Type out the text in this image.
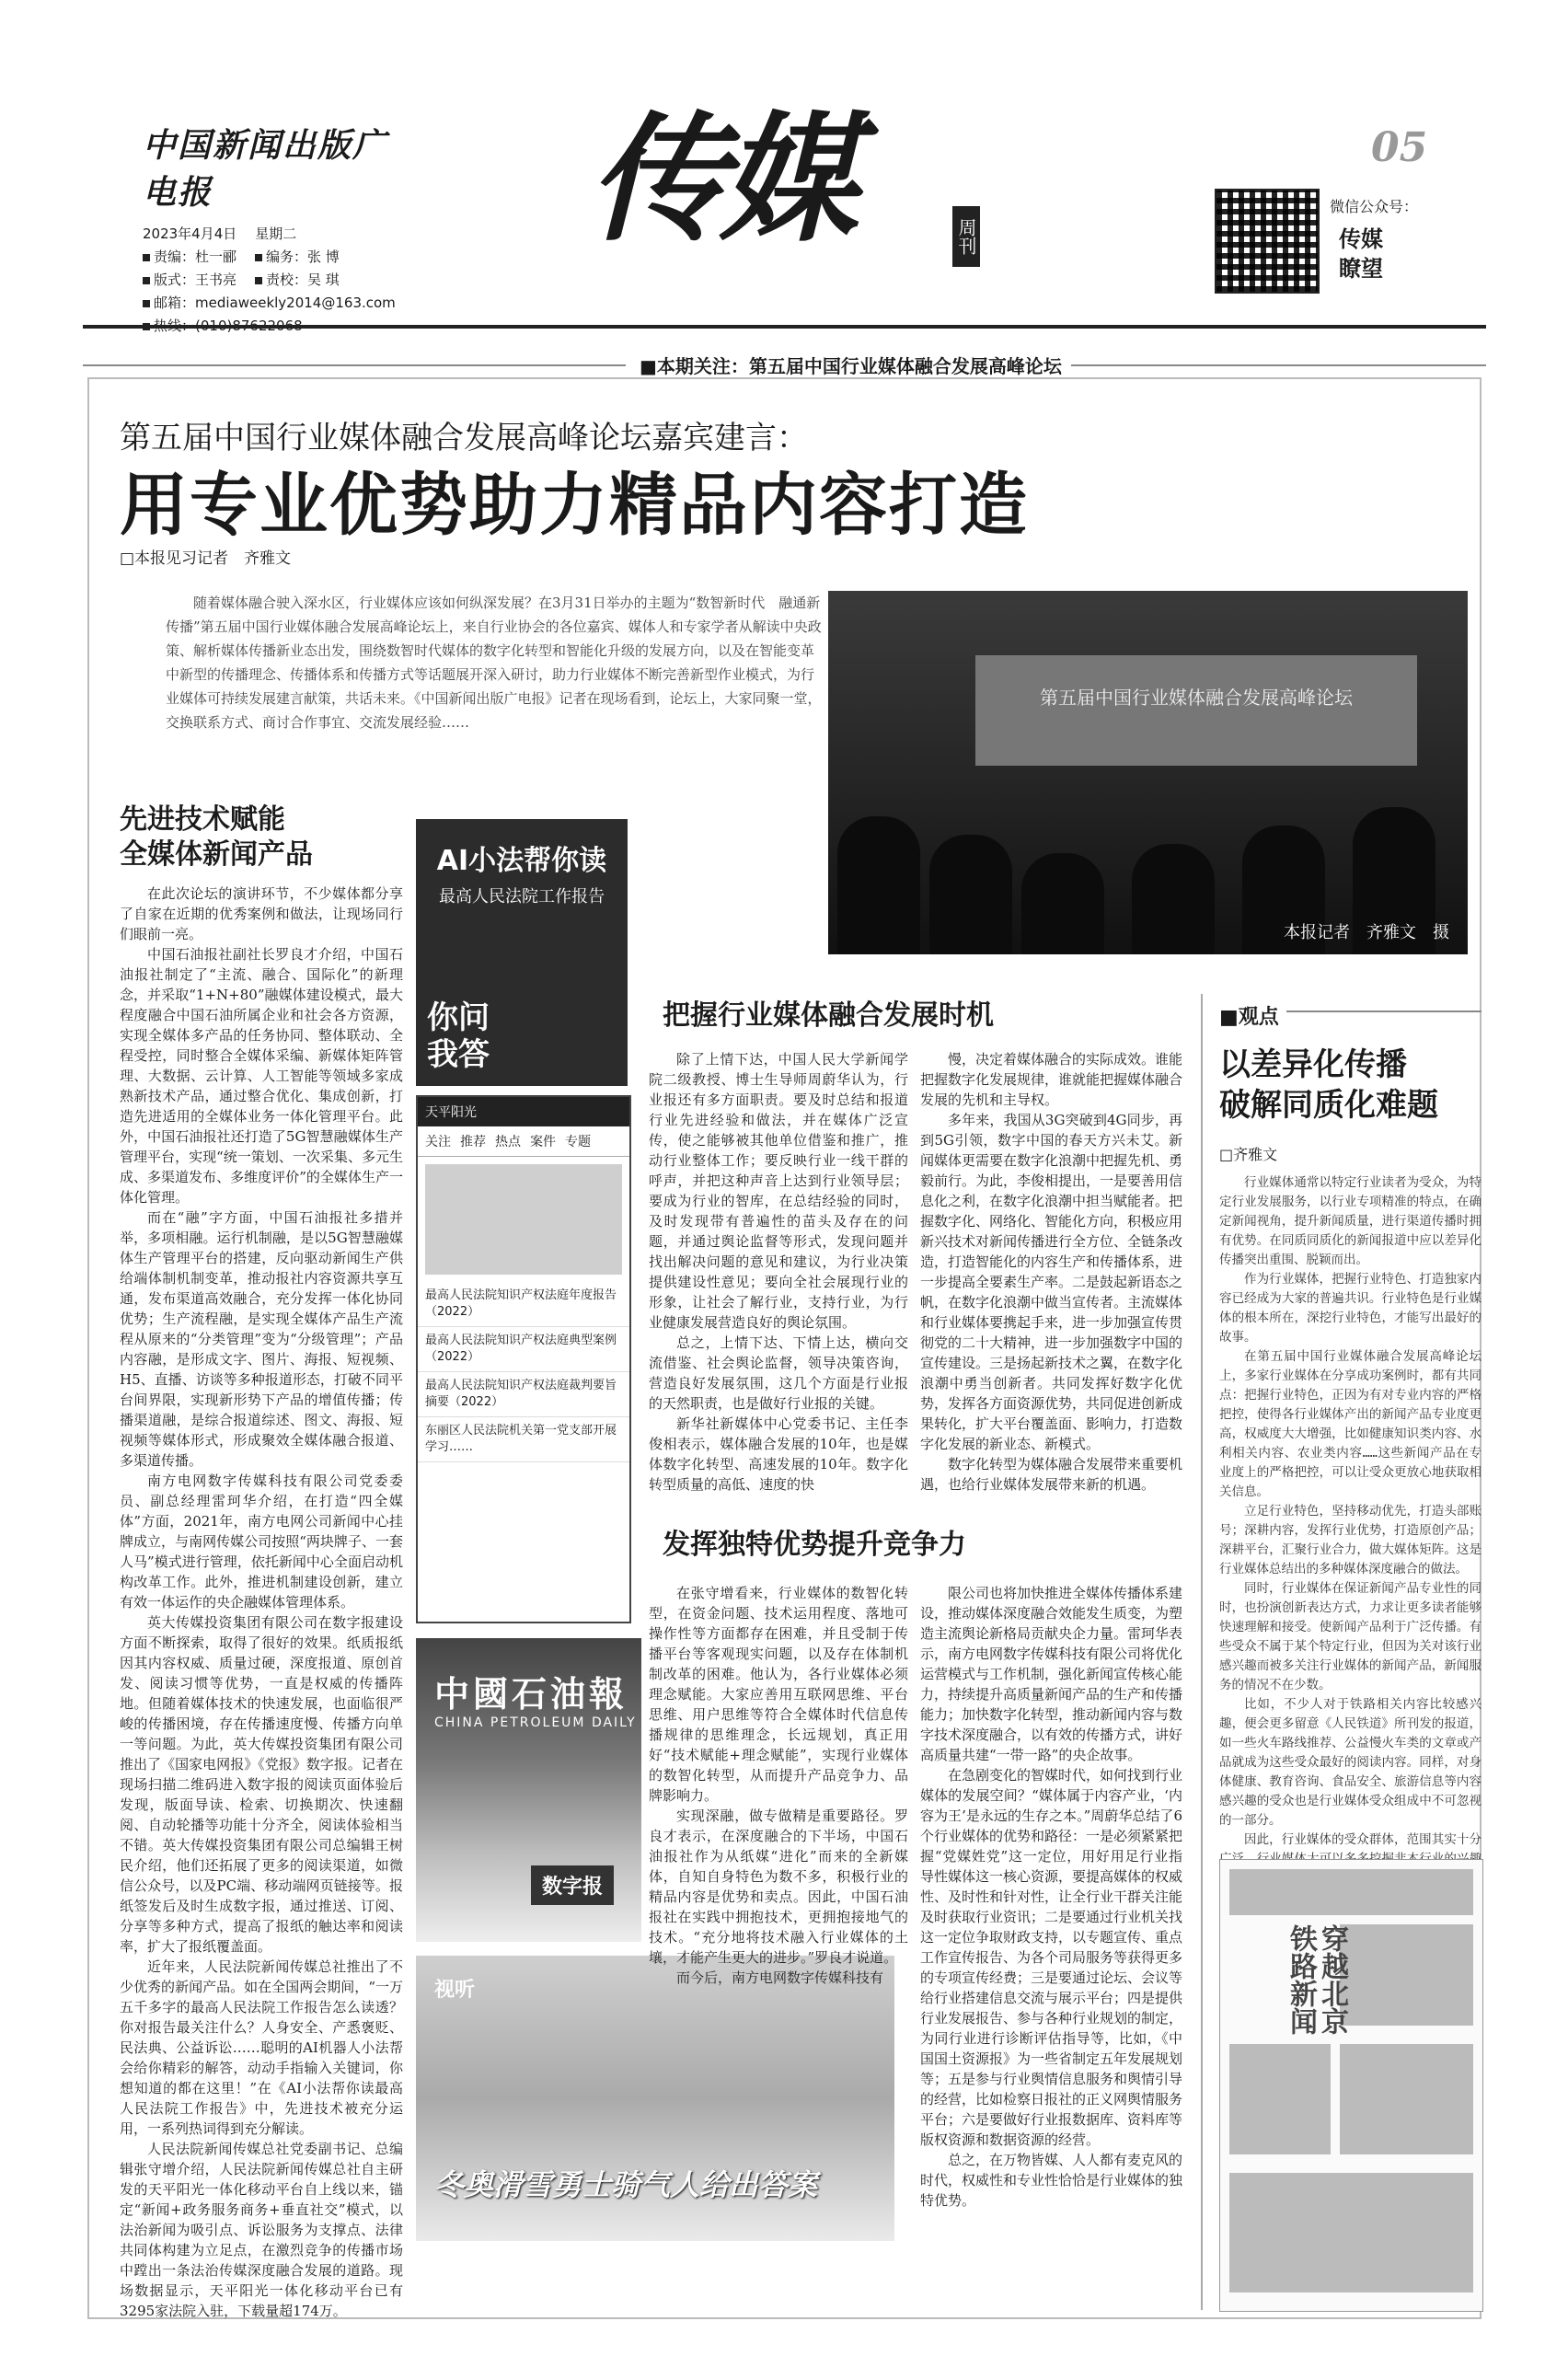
中国新闻出版广电报
2023年4月4日 星期二
责编：杜一郦	编务：张 博
版式：王书亮	责校：吴 琪
邮箱：mediaweekly2014@163.com
传媒	周刊
05
微信公众号：
传媒瞭望
■本期关注：第五届中国行业媒体融合发展高峰论坛
第五届中国行业媒体融合发展高峰论坛嘉宾建言：
用专业优势助力精品内容打造
□本报见习记者　齐雅文
随着媒体融合驶入深水区，行业媒体应该如何纵深发展？在3月31日举办的主题为“数智新时代　融通新传播”第五届中国行业媒体融合发展高峰论坛上，来自行业协会的各位嘉宾、媒体人和专家学者从解读中央政策、解析媒体传播新业态出发，围绕数智时代媒体的数字化转型和智能化升级的发展方向，以及在智能变革中新型的传播理念、传播体系和传播方式等话题展开深入研讨，助力行业媒体不断完善新型作业模式，为行业媒体可持续发展建言献策，共话未来。《中国新闻出版广电报》记者在现场看到，论坛上，大家同聚一堂，交换联系方式、商讨合作事宜、交流发展经验……
第五届中国行业媒体融合发展高峰论坛
本报记者　齐雅文　摄
先进技术赋能
全媒体新闻产品

在此次论坛的演讲环节，不少媒体都分享了自家在近期的优秀案例和做法，让现场同行们眼前一亮。

中国石油报社副社长罗良才介绍，中国石油报社制定了“主流、融合、国际化”的新理念，并采取“1+N+80”融媒体建设模式，最大程度融合中国石油所属企业和社会各方资源，实现全媒体多产品的任务协同、整体联动、全程受控，同时整合全媒体采编、新媒体矩阵管理、大数据、云计算、人工智能等领域多家成熟新技术产品，通过整合优化、集成创新，打造先进适用的全媒体业务一体化管理平台。此外，中国石油报社还打造了5G智慧融媒体生产管理平台，实现“统一策划、一次采集、多元生成、多渠道发布、多维度评价”的全媒体生产一体化管理。

而在“融”字方面，中国石油报社多措并举，多项相融。运行机制融，是以5G智慧融媒体生产管理平台的搭建，反向驱动新闻生产供给端体制机制变革，推动报社内容资源共享互通，发布渠道高效融合，充分发挥一体化协同优势；生产流程融，是实现全媒体产品生产流程从原来的“分类管理”变为“分级管理”；产品内容融，是形成文字、图片、海报、短视频、H5、直播、访谈等多种报道形态，打破不同平台间界限，实现新形势下产品的增值传播；传播渠道融，是综合报道综述、图文、海报、短视频等媒体形式，形成聚效全媒体融合报道、多渠道传播。

南方电网数字传媒科技有限公司党委委员、副总经理雷珂华介绍，在打造“四全媒体”方面，2021年，南方电网公司新闻中心挂牌成立，与南网传媒公司按照“两块牌子、一套人马”模式进行管理，依托新闻中心全面启动机构改革工作。此外，推进机制建设创新，建立有效一体运作的央企融媒体管理体系。

英大传媒投资集团有限公司在数字报建设方面不断探索，取得了很好的效果。纸质报纸因其内容权威、质量过硬，深度报道、原创首发、阅读习惯等优势，一直是权威的传播阵地。但随着媒体技术的快速发展，也面临很严峻的传播困境，存在传播速度慢、传播方向单一等问题。为此，英大传媒投资集团有限公司推出了《国家电网报》《党报》数字报。记者在现场扫描二维码进入数字报的阅读页面体验后发现，版面导读、检索、切换期次、快速翻阅、自动轮播等功能十分齐全，阅读体验相当不错。英大传媒投资集团有限公司总编辑王树民介绍，他们还拓展了更多的阅读渠道，如微信公众号，以及PC端、移动端网页链接等。报纸签发后及时生成数字报，通过推送、订阅、分享等多种方式，提高了报纸的触达率和阅读率，扩大了报纸覆盖面。

近年来，人民法院新闻传媒总社推出了不少优秀的新闻产品。如在全国两会期间，“一万五千多字的最高人民法院工作报告怎么读透？你对报告最关注什么？人身安全、产悉褒贬、民法典、公益诉讼……聪明的AI机器人小法帮会给你精彩的解答，动动手指输入关键词，你想知道的都在这里！”在《AI小法帮你读最高人民法院工作报告》中，先进技术被充分运用，一系列热词得到充分解读。

人民法院新闻传媒总社党委副书记、总编辑张守增介绍，人民法院新闻传媒总社自主研发的天平阳光一体化移动平台自上线以来，锚定“新闻+政务服务商务+垂直社交”模式，以法治新闻为吸引点、诉讼服务为支撑点、法律共同体构建为立足点，在激烈竞争的传播市场中蹚出一条法治传媒深度融合发展的道路。现场数据显示，天平阳光一体化移动平台已有3295家法院入驻，下载量超174万。

AI小法帮你读
最高人民法院工作报告
你问
我答
天平阳光
关注 推荐 热点 案件 专题
最高人民法院知识产权法庭年度报告（2022）
最高人民法院知识产权法庭典型案例（2022）
最高人民法院知识产权法庭裁判要旨摘要（2022）
东丽区人民法院机关第一党支部开展学习……
中國石油報
CHINA PETROLEUM DAILY
数字报
视听
冬奥滑雪勇士骑气人给出答案
把握行业媒体融合发展时机

除了上情下达，中国人民大学新闻学院二级教授、博士生导师周蔚华认为，行业报还有多方面职责。要及时总结和报道行业先进经验和做法，并在媒体广泛宣传，使之能够被其他单位借鉴和推广，推动行业整体工作；要反映行业一线干群的呼声，并把这种声音上达到行业领导层；要成为行业的智库，在总结经验的同时，及时发现带有普遍性的苗头及存在的问题，并通过舆论监督等形式，发现问题并找出解决问题的意见和建议，为行业决策提供建设性意见；要向全社会展现行业的形象，让社会了解行业，支持行业，为行业健康发展营造良好的舆论氛围。

总之，上情下达、下情上达，横向交流借鉴、社会舆论监督，领导决策咨询，营造良好发展氛围，这几个方面是行业报的天然职责，也是做好行业报的关键。

新华社新媒体中心党委书记、主任李俊相表示，媒体融合发展的10年，也是媒体数字化转型、高速发展的10年。数字化转型质量的高低、速度的快

慢，决定着媒体融合的实际成效。谁能把握数字化发展规律，谁就能把握媒体融合发展的先机和主导权。

多年来，我国从3G突破到4G同步，再到5G引领，数字中国的春天方兴未艾。新闻媒体更需要在数字化浪潮中把握先机、勇毅前行。为此，李俊相提出，一是要善用信息化之利，在数字化浪潮中担当赋能者。把握数字化、网络化、智能化方向，积极应用新兴技术对新闻传播进行全方位、全链条改造，打造智能化的内容生产和传播体系，进一步提高全要素生产率。二是鼓起新语态之帆，在数字化浪潮中做当宣传者。主流媒体和行业媒体要携起手来，进一步加强宣传贯彻党的二十大精神，进一步加强数字中国的宣传建设。三是扬起新技术之翼，在数字化浪潮中勇当创新者。共同发挥好数字化优势，发挥各方面资源优势，共同促进创新成果转化，扩大平台覆盖面、影响力，打造数字化发展的新业态、新模式。

数字化转型为媒体融合发展带来重要机遇，也给行业媒体发展带来新的机遇。

发挥独特优势提升竞争力

在张守增看来，行业媒体的数智化转型，在资金问题、技术运用程度、落地可操作性等方面都存在困难，并且受制于传播平台等客观现实问题，以及存在体制机制改革的困难。他认为，各行业媒体必须理念赋能。大家应善用互联网思维、平台思维、用户思维等符合全媒体时代信息传播规律的思维理念，长远规划，真正用好“技术赋能+理念赋能”，实现行业媒体的数智化转型，从而提升产品竞争力、品牌影响力。

实现深融，做专做精是重要路径。罗良才表示，在深度融合的下半场，中国石油报社作为从纸媒“进化”而来的全新媒体，自知自身特色为数不多，积极行业的精品内容是优势和卖点。因此，中国石油报社在实践中拥抱技术，更拥抱接地气的技术。“充分地将技术融入行业媒体的土壤，才能产生更大的进步。”罗良才说道。

而今后，南方电网数字传媒科技有

限公司也将加快推进全媒体传播体系建设，推动媒体深度融合效能发生质变，为塑造主流舆论新格局贡献央企力量。雷珂华表示，南方电网数字传媒科技有限公司将优化运营模式与工作机制，强化新闻宣传核心能力，持续提升高质量新闻产品的生产和传播能力；加快数字化转型，推动新闻内容与数字技术深度融合，以有效的传播方式，讲好高质量共建“一带一路”的央企故事。

在急剧变化的智媒时代，如何找到行业媒体的发展空间？“媒体属于内容产业，‘内容为王’是永远的生存之本。”周蔚华总结了6个行业媒体的优势和路径：一是必须紧紧把握“党媒姓党”这一定位，用好用足行业指导性媒体这一核心资源，要提高媒体的权威性、及时性和针对性，让全行业干群关注能及时获取行业资讯；二是要通过行业机关找这一定位争取财政支持，以专题宣传、重点工作宣传报告、为各个司局服务等获得更多的专项宣传经费；三是要通过论坛、会议等给行业搭建信息交流与展示平台；四是提供行业发展报告、参与各种行业规划的制定，为同行业进行诊断评估指导等，比如，《中国国土资源报》为一些省制定五年发展规划等；五是参与行业舆情信息服务和舆情引导的经营，比如检察日报社的正义网舆情服务平台；六是要做好行业报数据库、资料库等版权资源和数据资源的经营。

总之，在万物皆媒、人人都有麦克风的时代，权威性和专业性恰恰是行业媒体的独特优势。

■观点
以差异化传播
破解同质化难题
□齐雅文

行业媒体通常以特定行业读者为受众，为特定行业发展服务，以行业专项精准的特点，在确定新闻视角，提升新闻质量，进行渠道传播时拥有优势。在同质同质化的新闻报道中应以差异化传播突出重围、脱颖而出。

作为行业媒体，把握行业特色、打造独家内容已经成为大家的普遍共识。行业特色是行业媒体的根本所在，深挖行业特色，才能写出最好的故事。

在第五届中国行业媒体融合发展高峰论坛上，多家行业媒体在分享成功案例时，都有共同点：把握行业特色，正因为有对专业内容的严格把控，使得各行业媒体产出的新闻产品专业度更高，权威度大大增强，比如健康知识类内容、水利相关内容、农业类内容……这些新闻产品在专业度上的严格把控，可以让受众更放心地获取相关信息。

立足行业特色，坚持移动优先，打造头部账号；深耕内容，发挥行业优势，打造原创产品；深耕平台，汇聚行业合力，做大媒体矩阵。这是行业媒体总结出的多种媒体深度融合的做法。

同时，行业媒体在保证新闻产品专业性的同时，也扮演创新表达方式，力求让更多读者能够快速理解和接受。使新闻产品利于广泛传播。有些受众不属于某个特定行业，但因为关对该行业感兴趣而被多关注行业媒体的新闻产品，新闻服务的情况不在少数。

比如，不少人对于铁路相关内容比较感兴趣，便会更多留意《人民铁道》所刊发的报道，如一些火车路线推荐、公益慢火车类的文章或产品就成为这些受众最好的阅读内容。同样，对身体健康、教育咨询、食品安全、旅游信息等内容感兴趣的受众也是行业媒体受众组成中不可忽视的一部分。

因此，行业媒体的受众群体，范围其实十分

穿越北京
铁路新闻
